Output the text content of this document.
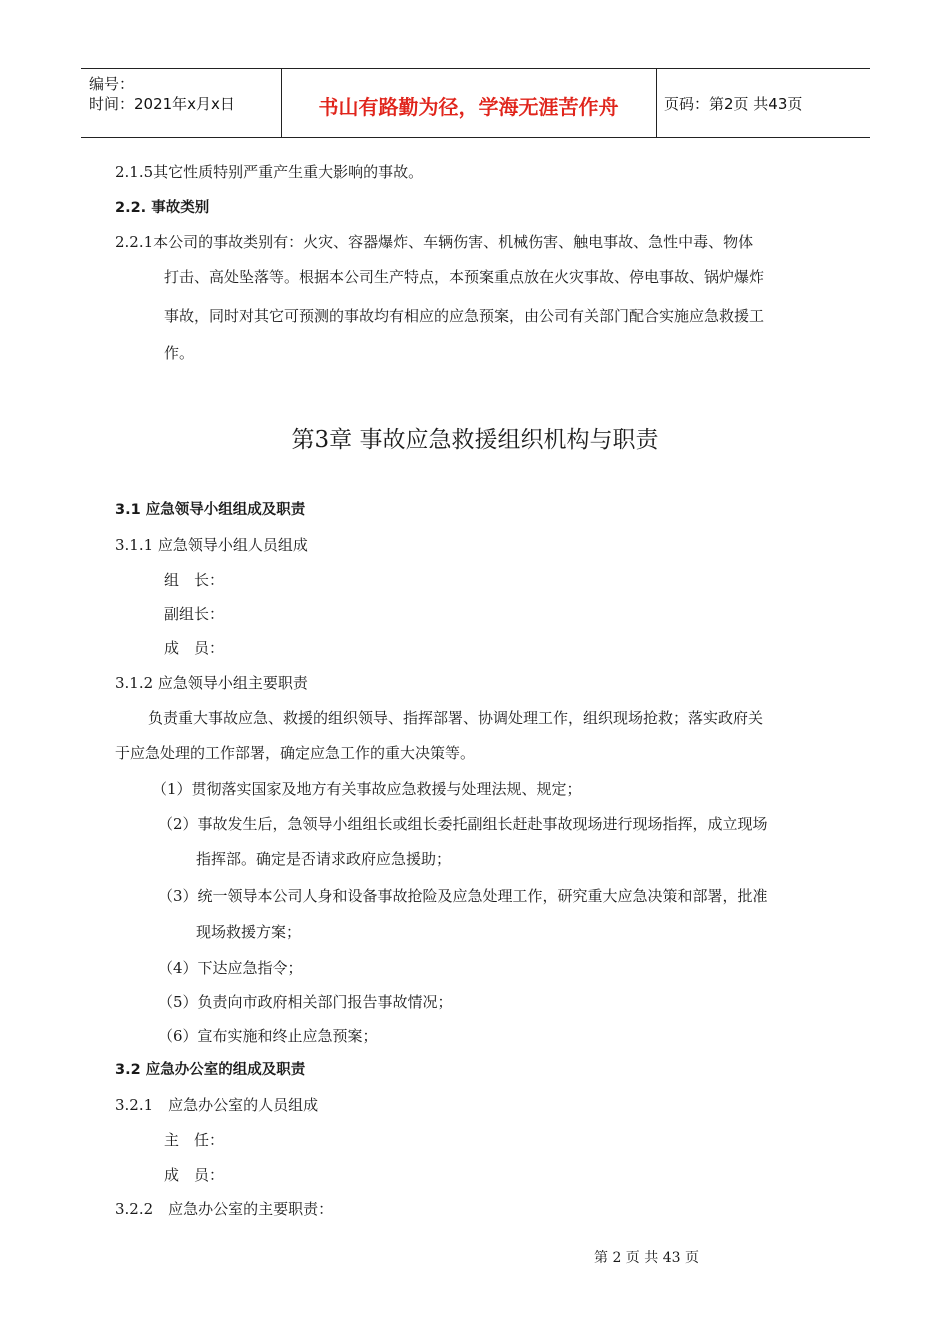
编号：
时间：2021年x月x日	书山有路勤为径，学海无涯苦作舟	页码：第2页 共43页
2.1.5其它性质特别严重产生重大影响的事故。
2.2. 事故类别
2.2.1本公司的事故类别有：火灾、容器爆炸、车辆伤害、机械伤害、触电事故、急性中毒、物体
打击、高处坠落等。根据本公司生产特点，本预案重点放在火灾事故、停电事故、锅炉爆炸
事故，同时对其它可预测的事故均有相应的应急预案，由公司有关部门配合实施应急救援工
作。
第3章 事故应急救援组织机构与职责
3.1 应急领导小组组成及职责
3.1.1 应急领导小组人员组成
组　长：
副组长：
成　员：
3.1.2 应急领导小组主要职责
负责重大事故应急、救援的组织领导、指挥部署、协调处理工作，组织现场抢救；落实政府关
于应急处理的工作部署，确定应急工作的重大决策等。
（1）贯彻落实国家及地方有关事故应急救援与处理法规、规定；
（2）事故发生后，急领导小组组长或组长委托副组长赶赴事故现场进行现场指挥，成立现场
指挥部。确定是否请求政府应急援助；
（3）统一领导本公司人身和设备事故抢险及应急处理工作，研究重大应急决策和部署，批准
现场救援方案；
（4）下达应急指令；
（5）负责向市政府相关部门报告事故情况；
（6）宣布实施和终止应急预案；
3.2 应急办公室的组成及职责
3.2.1　应急办公室的人员组成
主　任：
成　员：
3.2.2　应急办公室的主要职责：
第 2 页 共 43 页
